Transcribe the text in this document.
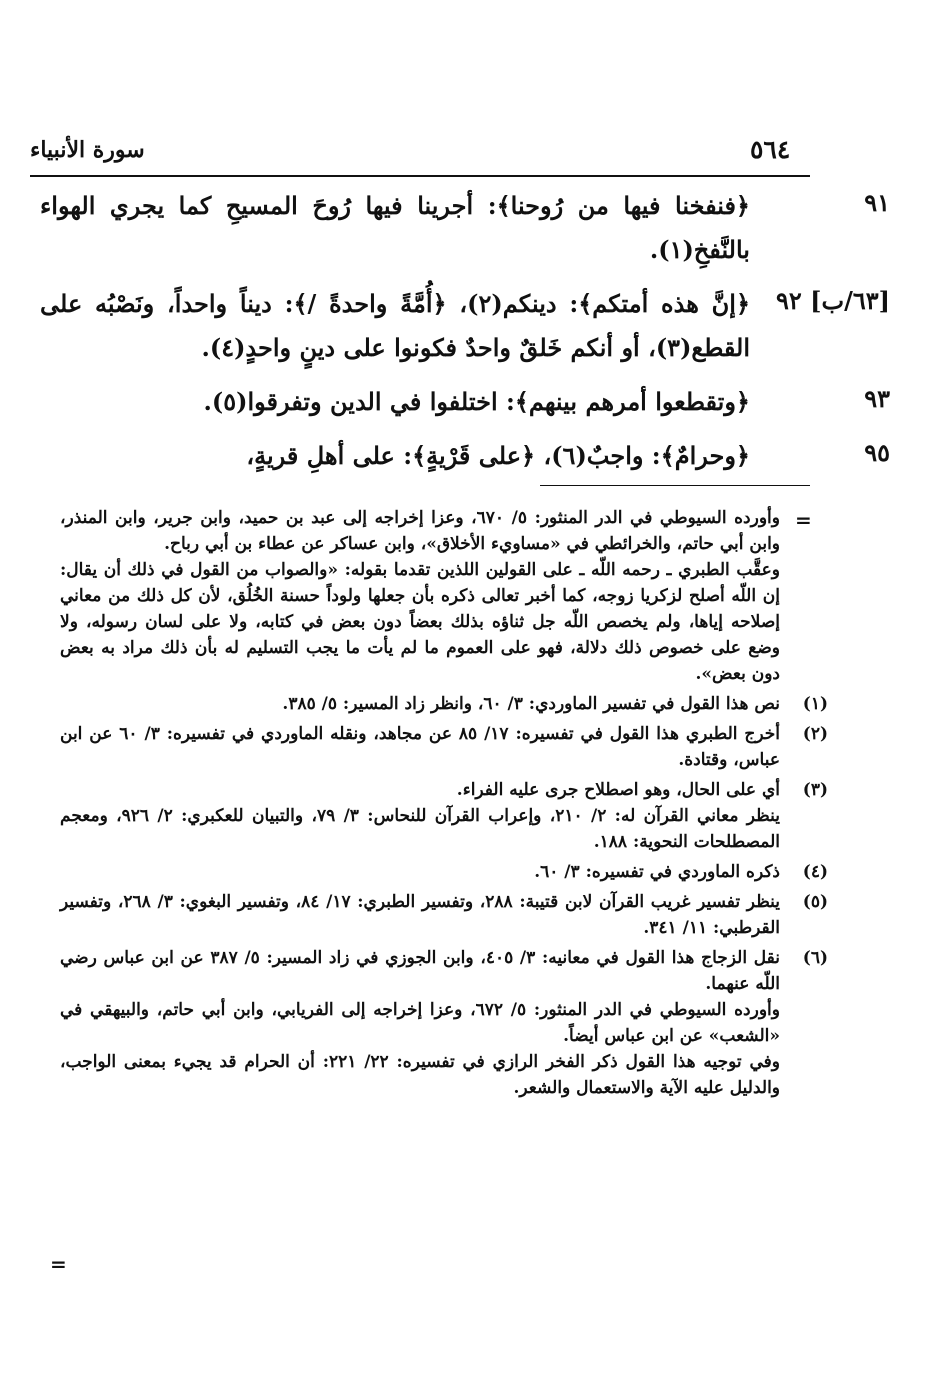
٥٦٤
سورة الأنبياء
٩١
﴿فنفخنا فيها من رُوحنا﴾: أجرينا فيها رُوحَ المسيحِ كما يجري الهواء بالنَّفخِ(١).
[٦٣/ب] ٩٢
﴿إنَّ هذه أمتكم﴾: دينكم(٢)، ﴿أُمَّةً واحدةً /﴾: ديناً واحداً، ونَصْبُه على القطع(٣)، أو أنكم خَلقٌ واحدٌ فكونوا على دينٍ واحدٍ(٤).
٩٣
﴿وتقطعوا أمرهم بينهم﴾: اختلفوا في الدين وتفرقوا(٥).
٩٥
﴿وحرامٌ﴾: واجبٌ(٦)، ﴿على قَرْيةٍ﴾: على أهلِ قريةٍ،
=

وأورده السيوطي في الدر المنثور: ٥/ ٦٧٠، وعزا إخراجه إلى عبد بن حميد، وابن جرير، وابن المنذر، وابن أبي حاتم، والخرائطي في «مساويء الأخلاق»، وابن عساكر عن عطاء بن أبي رباح.

وعقَّب الطبري ـ رحمه اللّه ـ على القولين اللذين تقدما بقوله: «والصواب من القول في ذلك أن يقال: إن اللّه أصلح لزكريا زوجه، كما أخبر تعالى ذكره بأن جعلها ولوداً حسنة الخُلُق، لأن كل ذلك من معاني إصلاحه إياها، ولم يخصص اللّه جل ثناؤه بذلك بعضاً دون بعض في كتابه، ولا على لسان رسوله، ولا وضع على خصوص ذلك دلالة، فهو على العموم ما لم يأت ما يجب التسليم له بأن ذلك مراد به بعض دون بعض».

(١)

نص هذا القول في تفسير الماوردي: ٣/ ٦٠، وانظر زاد المسير: ٥/ ٣٨٥.

(٢)

أخرج الطبري هذا القول في تفسيره: ١٧/ ٨٥ عن مجاهد، ونقله الماوردي في تفسيره: ٣/ ٦٠ عن ابن عباس، وقتادة.

(٣)

أي على الحال، وهو اصطلاح جرى عليه الفراء.

ينظر معاني القرآن له: ٢/ ٢١٠، وإعراب القرآن للنحاس: ٣/ ٧٩، والتبيان للعكبري: ٢/ ٩٢٦، ومعجم المصطلحات النحوية: ١٨٨.

(٤)

ذكره الماوردي في تفسيره: ٣/ ٦٠.

(٥)

ينظر تفسير غريب القرآن لابن قتيبة: ٢٨٨، وتفسير الطبري: ١٧/ ٨٤، وتفسير البغوي: ٣/ ٢٦٨، وتفسير القرطبي: ١١/ ٣٤١.

(٦)

نقل الزجاج هذا القول في معانيه: ٣/ ٤٠٥، وابن الجوزي في زاد المسير: ٥/ ٣٨٧ عن ابن عباس رضي اللّه عنهما.

وأورده السيوطي في الدر المنثور: ٥/ ٦٧٢، وعزا إخراجه إلى الفريابي، وابن أبي حاتم، والبيهقي في «الشعب» عن ابن عباس أيضاً.

وفي توجيه هذا القول ذكر الفخر الرازي في تفسيره: ٢٢/ ٢٢١: أن الحرام قد يجيء بمعنى الواجب، والدليل عليه الآية والاستعمال والشعر.

=
